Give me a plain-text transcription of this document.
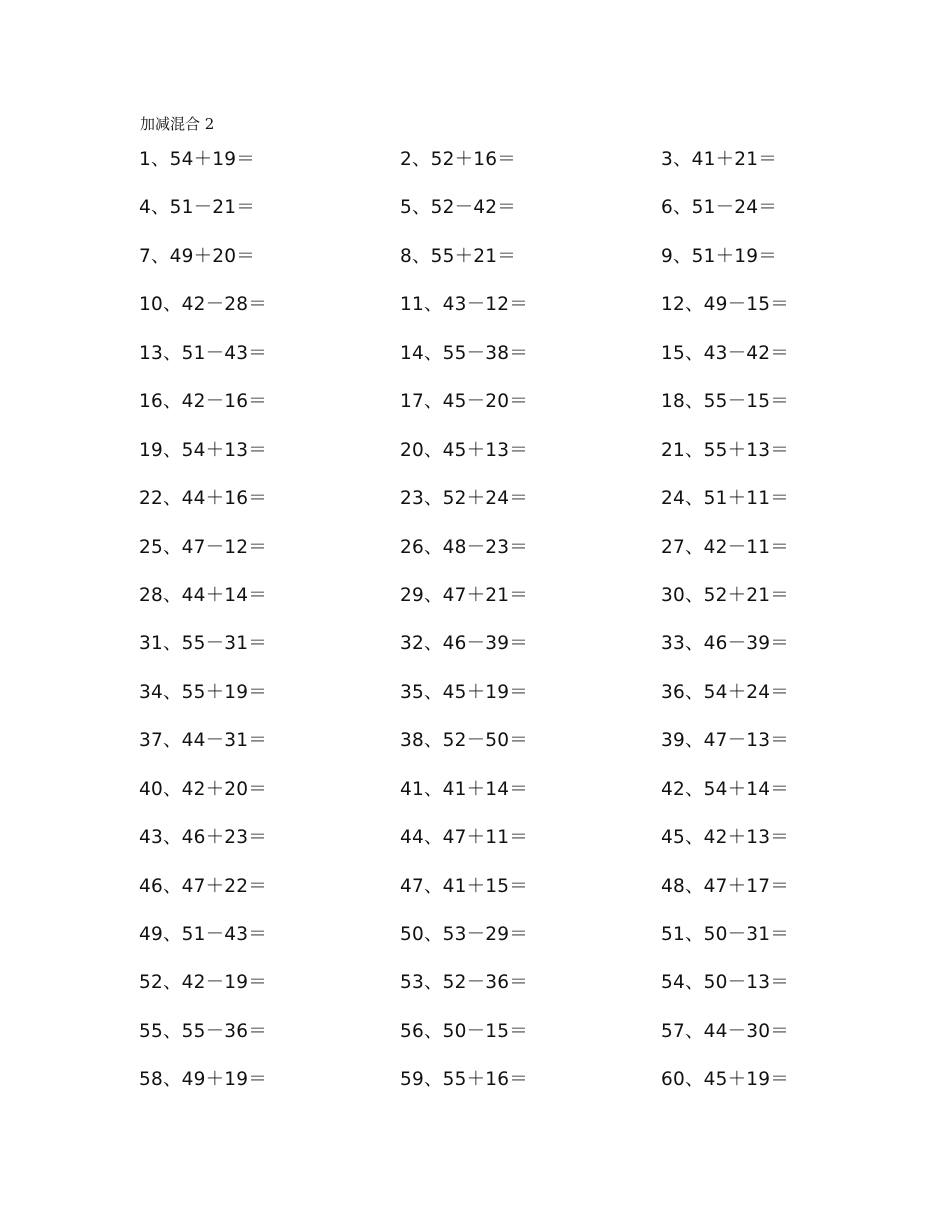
加减混合 2
1、54＋19＝	2、52＋16＝	3、41＋21＝
4、51－21＝	5、52－42＝	6、51－24＝
7、49＋20＝	8、55＋21＝	9、51＋19＝
10、42－28＝	11、43－12＝	12、49－15＝
13、51－43＝	14、55－38＝	15、43－42＝
16、42－16＝	17、45－20＝	18、55－15＝
19、54＋13＝	20、45＋13＝	21、55＋13＝
22、44＋16＝	23、52＋24＝	24、51＋11＝
25、47－12＝	26、48－23＝	27、42－11＝
28、44＋14＝	29、47＋21＝	30、52＋21＝
31、55－31＝	32、46－39＝	33、46－39＝
34、55＋19＝	35、45＋19＝	36、54＋24＝
37、44－31＝	38、52－50＝	39、47－13＝
40、42＋20＝	41、41＋14＝	42、54＋14＝
43、46＋23＝	44、47＋11＝	45、42＋13＝
46、47＋22＝	47、41＋15＝	48、47＋17＝
49、51－43＝	50、53－29＝	51、50－31＝
52、42－19＝	53、52－36＝	54、50－13＝
55、55－36＝	56、50－15＝	57、44－30＝
58、49＋19＝	59、55＋16＝	60、45＋19＝
